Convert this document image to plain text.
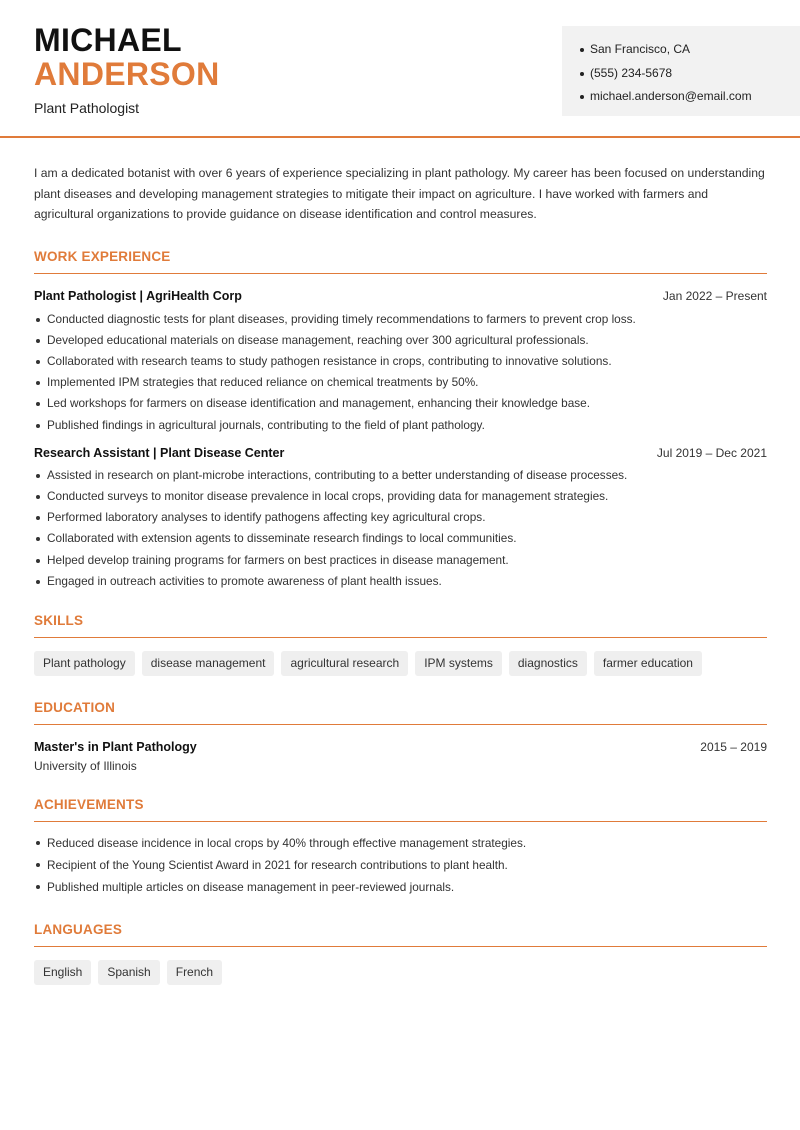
MICHAEL
ANDERSON
Plant Pathologist
San Francisco, CA
(555) 234-5678
michael.anderson@email.com

I am a dedicated botanist with over 6 years of experience specializing in plant pathology. My career has been focused on understanding plant diseases and developing management strategies to mitigate their impact on agriculture. I have worked with farmers and agricultural organizations to provide guidance on disease identification and control measures.

WORK EXPERIENCE
Plant Pathologist | AgriHealth Corp	Jan 2022 – Present
Conducted diagnostic tests for plant diseases, providing timely recommendations to farmers to prevent crop loss.
Developed educational materials on disease management, reaching over 300 agricultural professionals.
Collaborated with research teams to study pathogen resistance in crops, contributing to innovative solutions.
Implemented IPM strategies that reduced reliance on chemical treatments by 50%.
Led workshops for farmers on disease identification and management, enhancing their knowledge base.
Published findings in agricultural journals, contributing to the field of plant pathology.
Research Assistant | Plant Disease Center	Jul 2019 – Dec 2021
Assisted in research on plant-microbe interactions, contributing to a better understanding of disease processes.
Conducted surveys to monitor disease prevalence in local crops, providing data for management strategies.
Performed laboratory analyses to identify pathogens affecting key agricultural crops.
Collaborated with extension agents to disseminate research findings to local communities.
Helped develop training programs for farmers on best practices in disease management.
Engaged in outreach activities to promote awareness of plant health issues.
SKILLS
Plant pathology	disease management	agricultural research	IPM systems	diagnostics	farmer education
EDUCATION
Master's in Plant Pathology	2015 – 2019
University of Illinois
ACHIEVEMENTS
Reduced disease incidence in local crops by 40% through effective management strategies.
Recipient of the Young Scientist Award in 2021 for research contributions to plant health.
Published multiple articles on disease management in peer-reviewed journals.
LANGUAGES
English	Spanish	French
